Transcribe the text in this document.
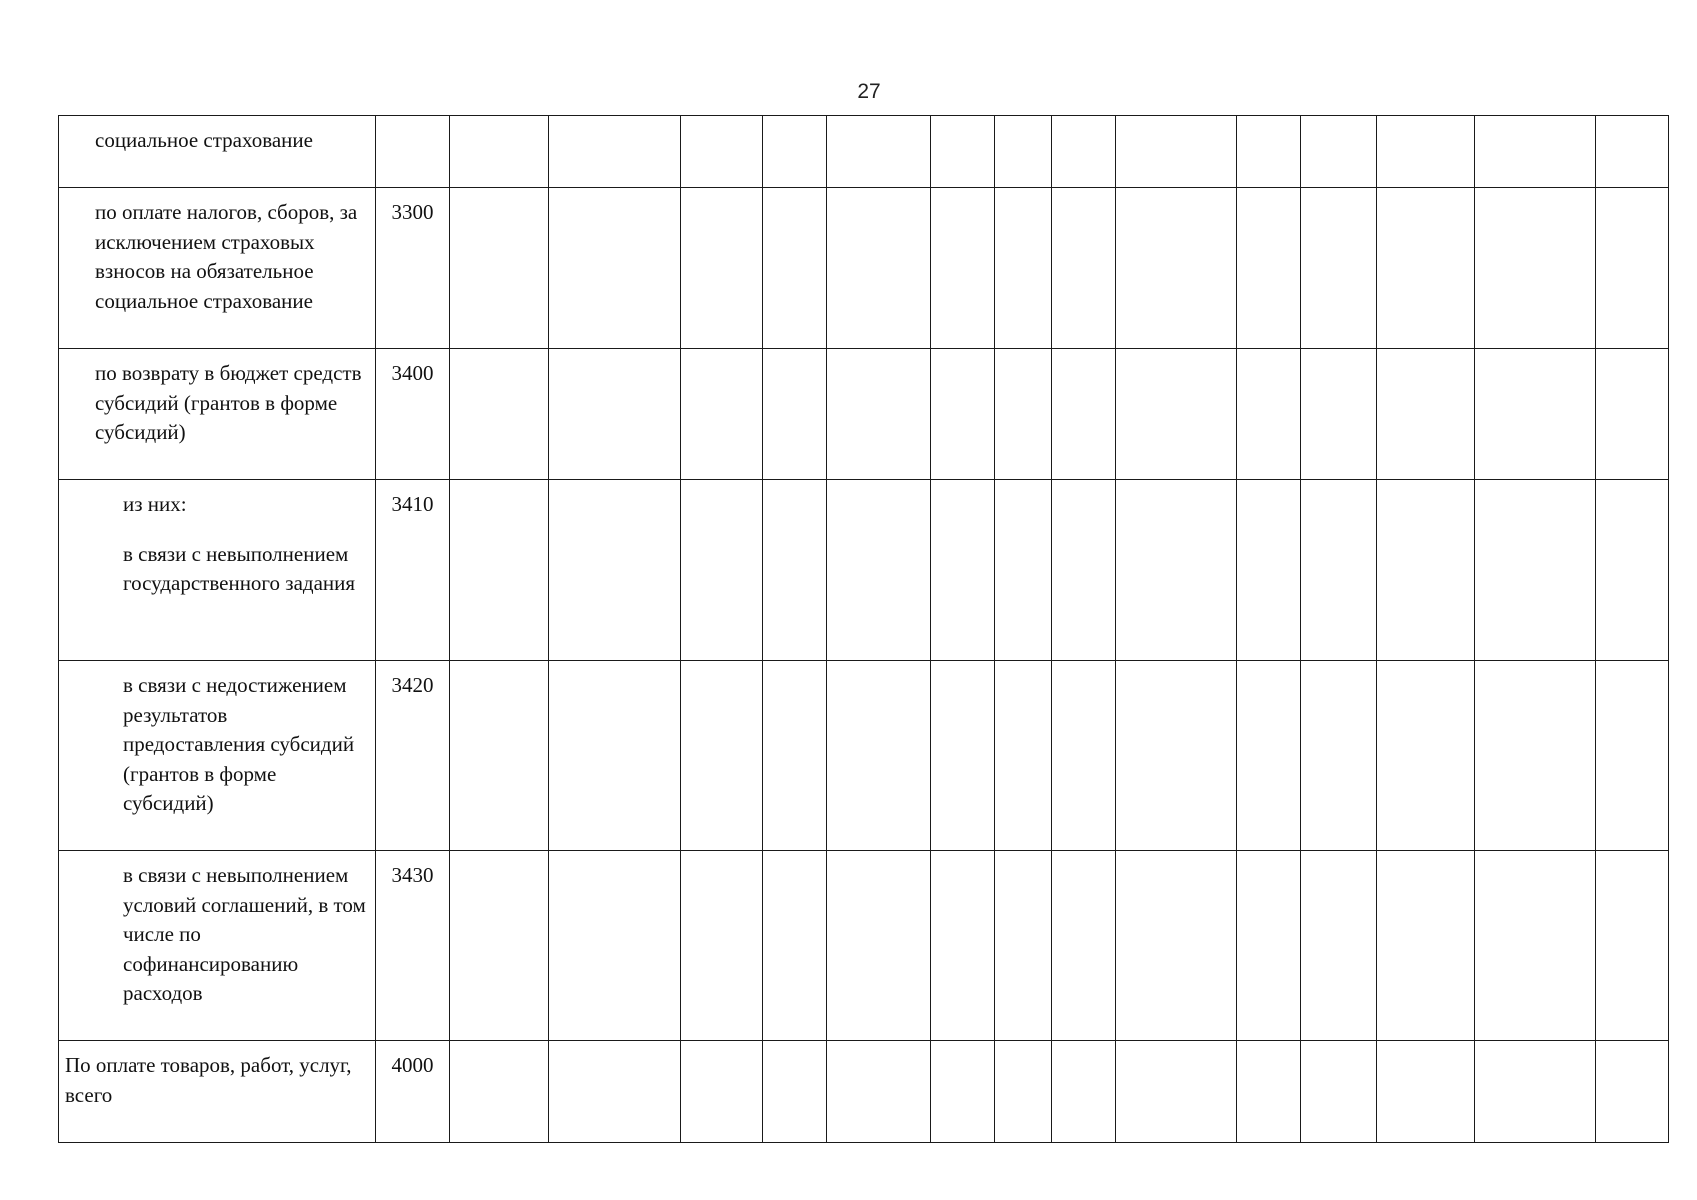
27
социальное страхование															
по оплате налогов, сборов, за исключением страховых взносов на обязательное социальное страхование	3300														
по возврату в бюджет средств субсидий (грантов в форме субсидий)	3400														
из них:
в связи с невыполнением государственного задания	3410														
в связи с недостижением результатов предоставления субсидий (грантов в форме субсидий)	3420														
в связи с невыполнением условий соглашений, в том числе по софинансированию расходов	3430														
По оплате товаров, работ, услуг, всего	4000														
